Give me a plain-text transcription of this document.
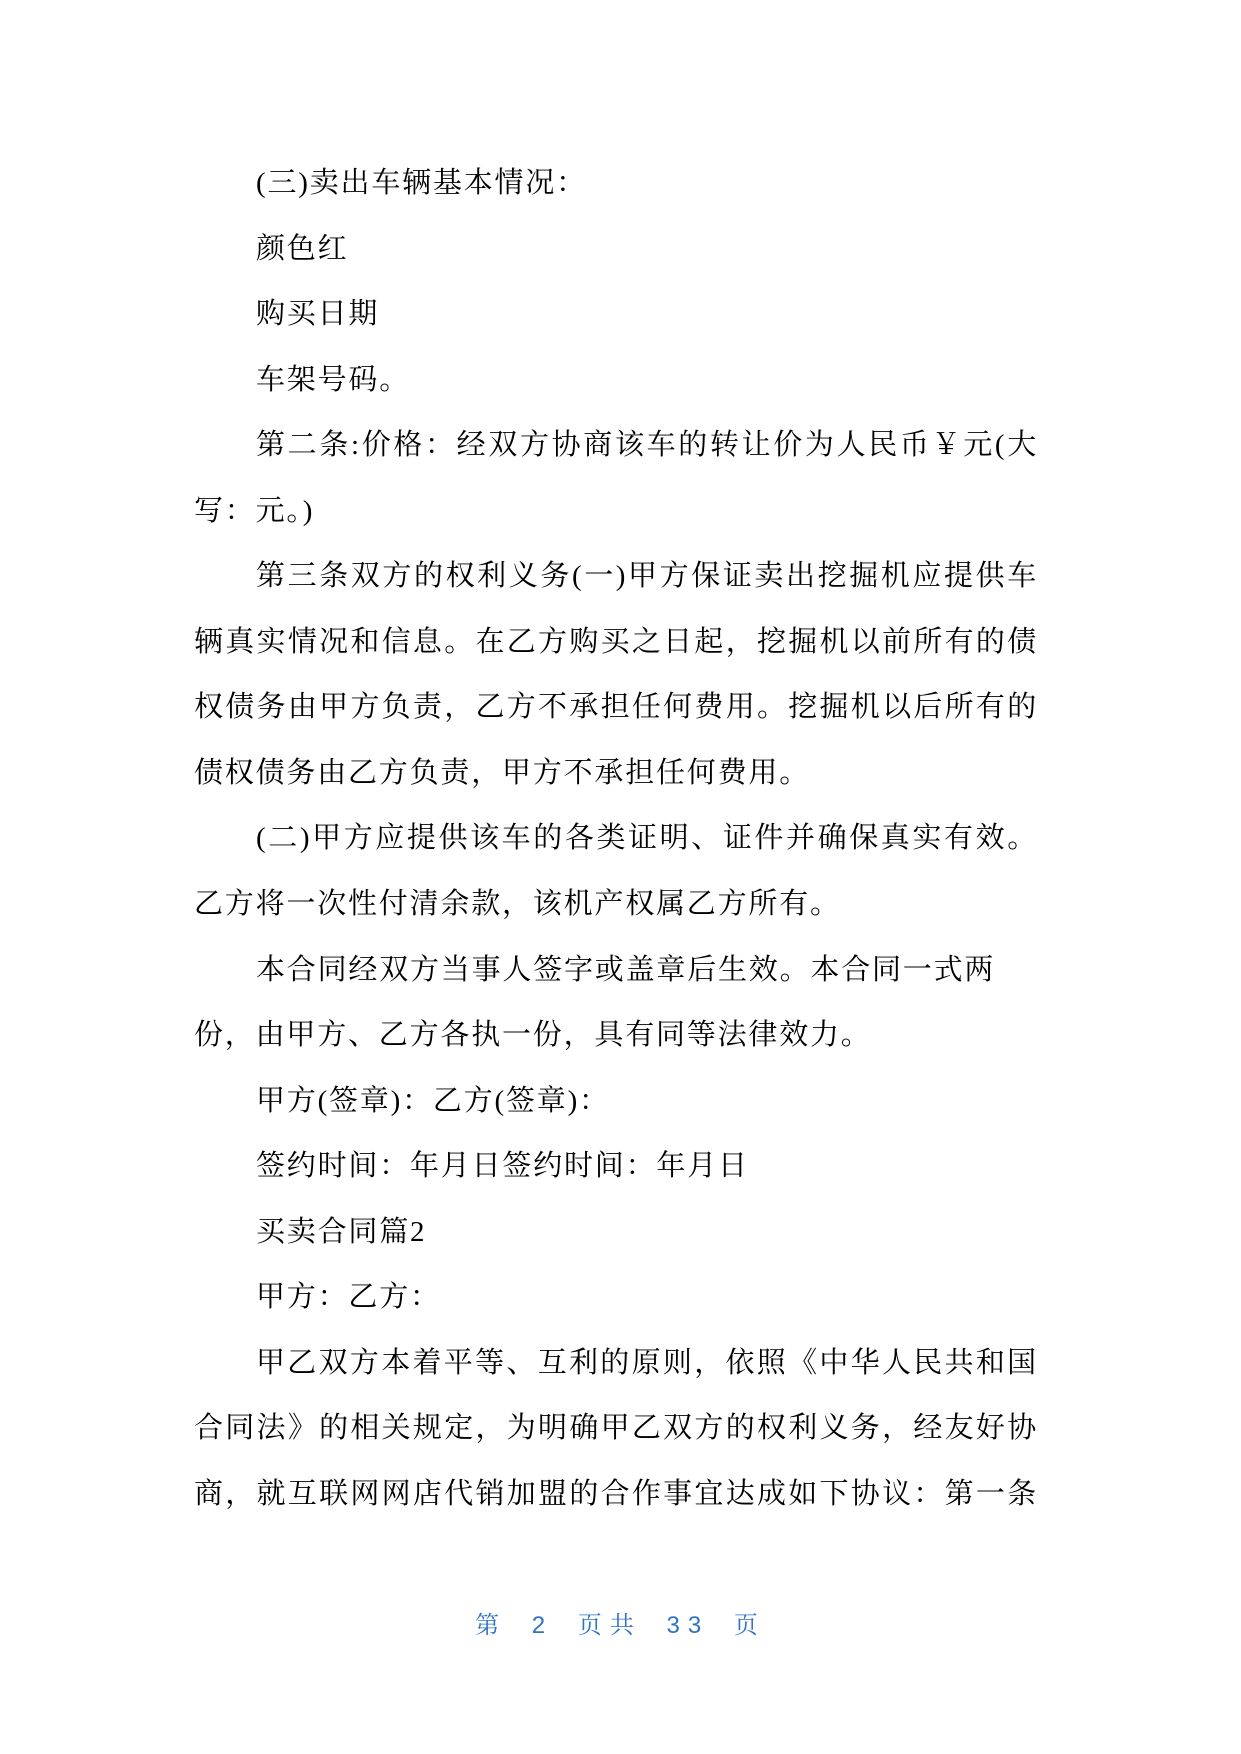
(三)卖出车辆基本情况：
颜色红
购买日期
车架号码。
第二条:价格：经双方协商该车的转让价为人民币￥元(大
写：元。)
第三条双方的权利义务(一)甲方保证卖出挖掘机应提供车
辆真实情况和信息。在乙方购买之日起，挖掘机以前所有的债
权债务由甲方负责，乙方不承担任何费用。挖掘机以后所有的
债权债务由乙方负责，甲方不承担任何费用。
(二)甲方应提供该车的各类证明、证件并确保真实有效。
乙方将一次性付清余款，该机产权属乙方所有。
本合同经双方当事人签字或盖章后生效。本合同一式两
份，由甲方、乙方各执一份，具有同等法律效力。
甲方(签章)：乙方(签章)：
签约时间：年月日签约时间：年月日
买卖合同篇2
甲方：乙方：
甲乙双方本着平等、互利的原则，依照《中华人民共和国
合同法》的相关规定，为明确甲乙双方的权利义务，经友好协
商，就互联网网店代销加盟的合作事宜达成如下协议：第一条
第 2 页共 33 页
